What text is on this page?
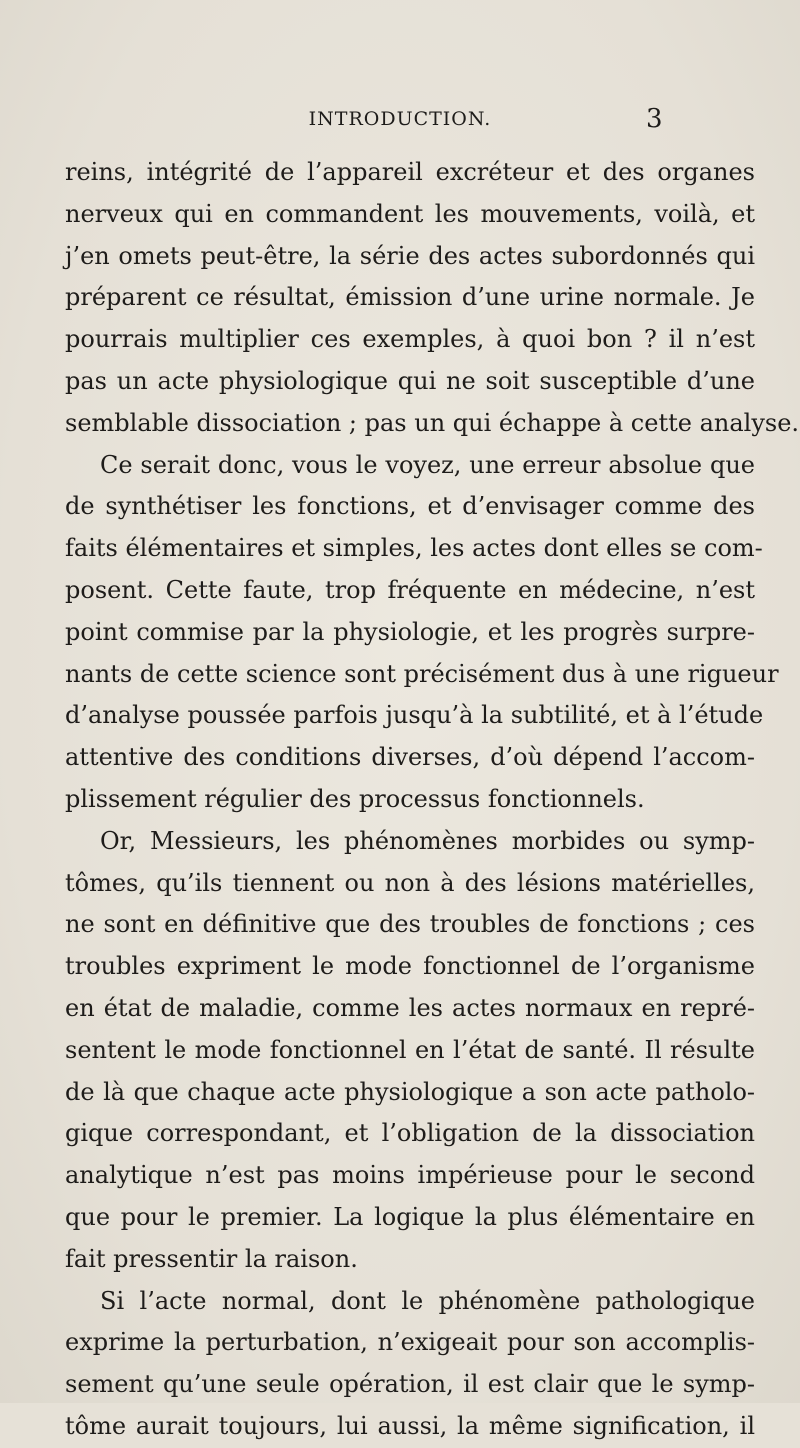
INTRODUCTION.	3
reins, intégrité de l’appareil excréteur et des organes
nerveux qui en commandent les mouvements, voilà, et
j’en omets peut-être, la série des actes subordonnés qui
préparent ce résultat, émission d’une urine normale. Je
pourrais multiplier ces exemples, à quoi bon ? il n’est
pas un acte physiologique qui ne soit susceptible d’une
semblable dissociation ; pas un qui échappe à cette analyse.
Ce serait donc, vous le voyez, une erreur absolue que
de synthétiser les fonctions, et d’envisager comme des
faits élémentaires et simples, les actes dont elles se com-
posent. Cette faute, trop fréquente en médecine, n’est
point commise par la physiologie, et les progrès surpre-
nants de cette science sont précisément dus à une rigueur
d’analyse poussée parfois jusqu’à la subtilité, et à l’étude
attentive des conditions diverses, d’où dépend l’accom-
plissement régulier des processus fonctionnels.
Or, Messieurs, les phénomènes morbides ou symp-
tômes, qu’ils tiennent ou non à des lésions matérielles,
ne sont en définitive que des troubles de fonctions ; ces
troubles expriment le mode fonctionnel de l’organisme
en état de maladie, comme les actes normaux en repré-
sentent le mode fonctionnel en l’état de santé. Il résulte
de là que chaque acte physiologique a son acte patholo-
gique correspondant, et l’obligation de la dissociation
analytique n’est pas moins impérieuse pour le second
que pour le premier. La logique la plus élémentaire en
fait pressentir la raison.
Si l’acte normal, dont le phénomène pathologique
exprime la perturbation, n’exigeait pour son accomplis-
sement qu’une seule opération, il est clair que le symp-
tôme aurait toujours, lui aussi, la même signification, il
